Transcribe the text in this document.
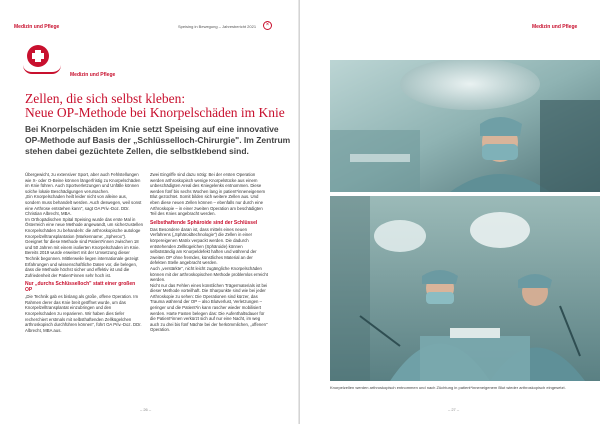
Medizin und Pflege	Speising in Bewegung – Jahresbericht 2021	×
Medizin und Pflege
Zellen, die sich selbst kleben:
Neue OP-Methode bei Knorpelschäden im Knie
Bei Knorpelschäden im Knie setzt Speising auf eine innovative OP-Methode auf Basis der „Schlüsselloch-Chirurgie". Im Zentrum stehen dabei gezüchtete Zellen, die selbstklebend sind.

Übergewicht, zu extensiver Sport, aber auch Fehlstellungen wie X- oder O-Beine können längerfristig zu Knorpelschäden im Knie führen. Auch Sportverletzungen und Unfälle können solche lokale Beschädigungen verursachen.

„Ein Knorpelschaden heilt leider nicht von alleine aus, sondern muss behandelt werden. Auch deswegen, weil sonst eine Arthrose entstehen kann", sagt OA Priv.-Doz. DDr. Christian Albrecht, MBA.

Im Orthopädischen Spital Speising wurde das erste Mal in Österreich eine neue Methode angewandt, um sicherzustellen Knorpelschäden zu behandeln: die arthroskopische autologe Knorpelzelltransplantation (Markenname: „Spherox"). Geeignet für diese Methode sind Patient*innen zwischen 18 und 50 Jahren mit einem isolierten Knorpelschaden im Knie.

Bereits 2019 wurde erweitert mit der Umsetzung dieser Technik begonnen. Mittlerweile liegen internationale gezeigt Erfahrungen und wissenschaftliche Daten vor, die belegen, dass die Methode höchst sicher und effektiv ist und die Zufriedenheit der Patient*innen sehr hoch ist.

Nur „durchs Schlüsselloch" statt einer großen OP

„Die Technik gab es bislang als große, offene Operation. Im Rahmen derer das Knie breit geöffnet wurde, um das Knorpelzelltransplantat einzubringen und den Knorpelschaden zu reparieren. Wir haben dies tiefer recherchiert erstmals mit selbsthaftenden Zellkügelchen arthroskopisch durchführen können", führt OA Priv.-Doz. DDr. Albrecht, MBA aus.

Zwei Eingriffe sind dazu nötig: Bei der ersten Operation werden arthroskopisch wenige Knorpelstücke aus einem unbeschädigten Areal des Kniegelenks entnommen. Diese werden fünf bis sechs Wochen lang in patient*inneneigenem Blut gezüchtet. Somit bilden sich weitere Zellen aus. Und eben diese neuen Zellen können – ebenfalls nur durch eine Arthroskopie – in einer zweiten Operation am beschädigten Teil des Knies angebracht werden.

Selbsthaftende Sphäroide sind der Schlüssel

Das Besondere daran ist, dass mittels eines neuen Verfahrens („Sphäroidtechnologie") die Zellen in einer körpereigenen Matrix verpackt werden. Die dadurch entstehenden Zellkügelchen (Sphäroide) können selbstständig am Knorpeldefekt haften und während der zweiten OP ohne fremdes, künstliches Material an der defekten Stelle angebracht werden.

Auch „verstärkte", nicht leicht zugängliche Knorpelschäden können mit der arthroskopischen Methode problemlos erreicht werden.

Nicht nur das Fehlen eines künstlichen Trägermaterials ist bei dieser Methode vorteilhaft. Die Sharpunkte sind wie bei jeder Arthroskopie zu sehen: Die Operationen sind kürzer, das Trauma während der OP – also Blutverlust, Verletzungen – geringer und die Patient*in kann rascher wieder mobilisiert werden. Harte Fasten belegen das: Die Aufenthaltsdauer für die Patient*innen verkürzt sich auf nur eine Nacht, im weg auch zu drei bis fünf Nächte bei der herkömmlichen, „offenen" Operation.

– 26 –
Medizin und Pflege
Knorpelzellen werden arthroskopisch entnommen und nach Züchtung in patient*inneneigenem Blut wieder arthroskopisch eingesetzt.
– 27 –
